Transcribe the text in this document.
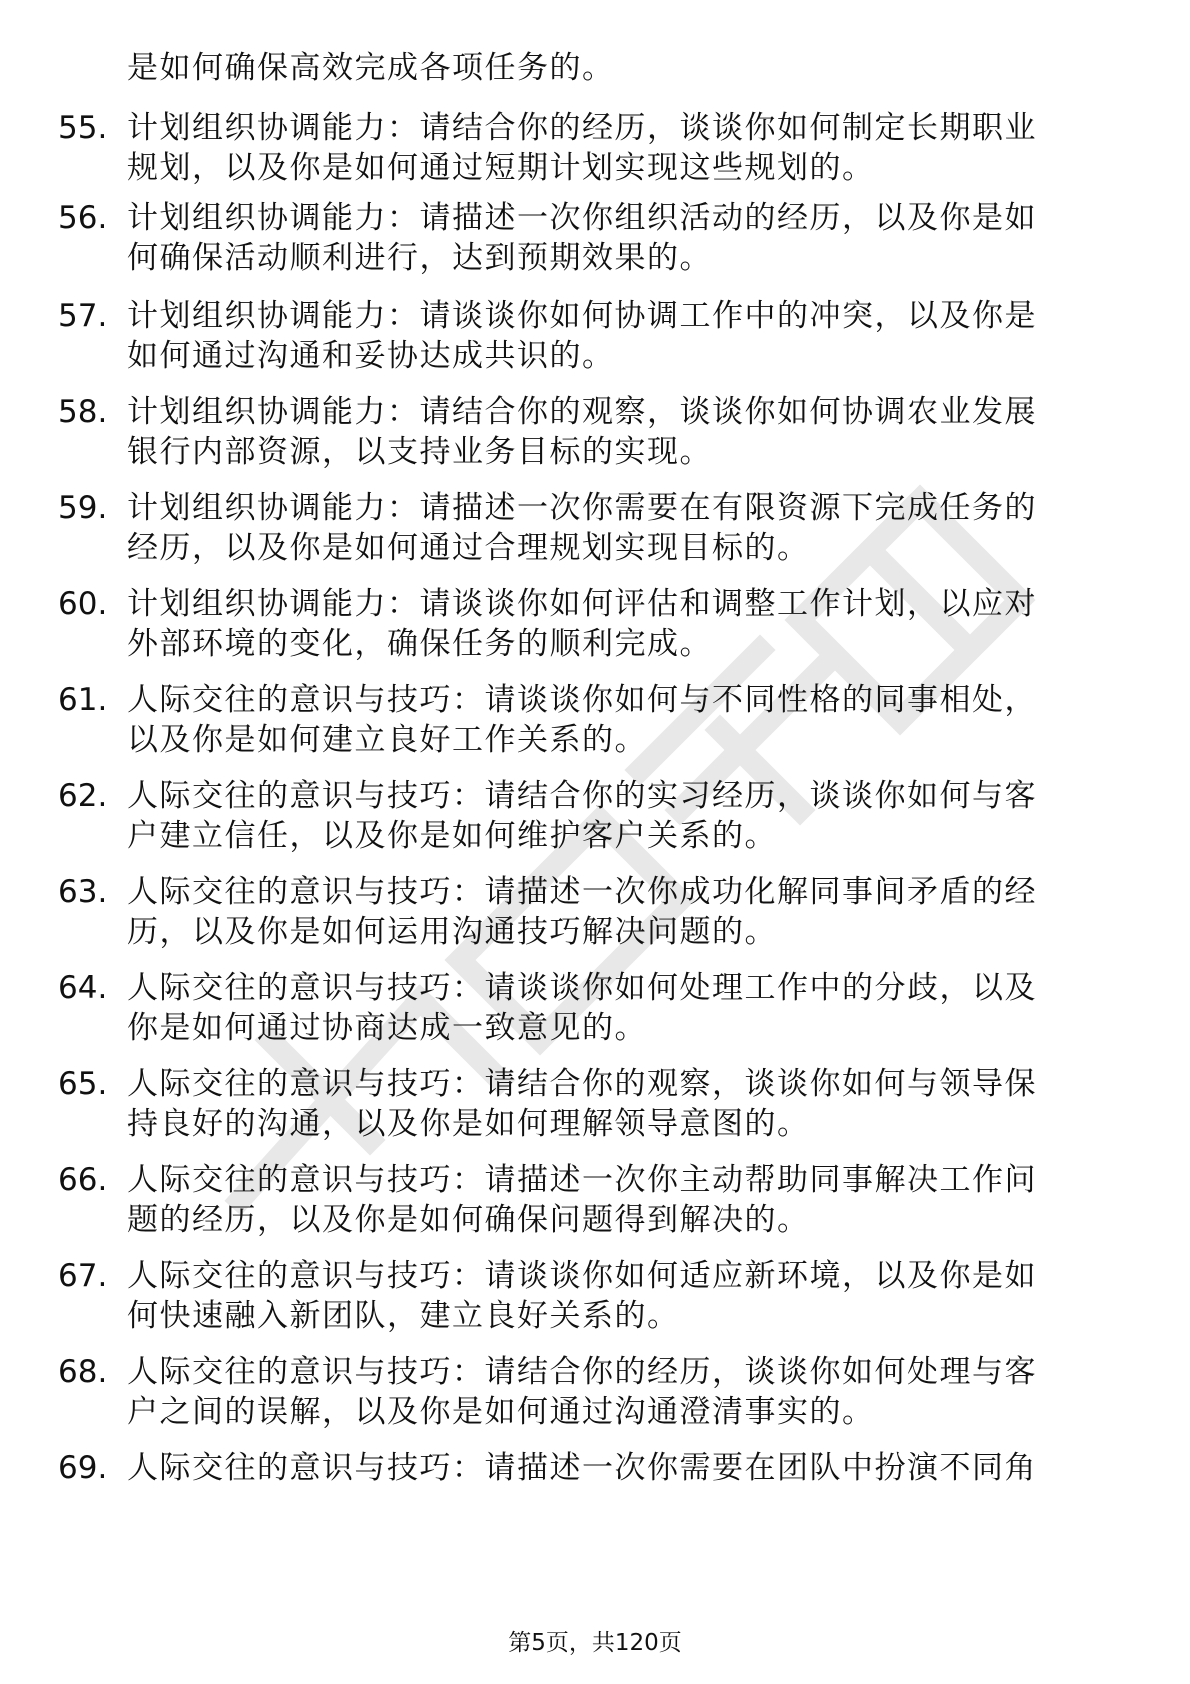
是如何确保高效完成各项任务的。
55. 计划组织协调能力：请结合你的经历，谈谈你如何制定长期职业
规划，以及你是如何通过短期计划实现这些规划的。
56. 计划组织协调能力：请描述一次你组织活动的经历，以及你是如
何确保活动顺利进行，达到预期效果的。
57. 计划组织协调能力：请谈谈你如何协调工作中的冲突，以及你是
如何通过沟通和妥协达成共识的。
58. 计划组织协调能力：请结合你的观察，谈谈你如何协调农业发展
银行内部资源，以支持业务目标的实现。
59. 计划组织协调能力：请描述一次你需要在有限资源下完成任务的
经历，以及你是如何通过合理规划实现目标的。
60. 计划组织协调能力：请谈谈你如何评估和调整工作计划，以应对
外部环境的变化，确保任务的顺利完成。
61. 人际交往的意识与技巧：请谈谈你如何与不同性格的同事相处，
以及你是如何建立良好工作关系的。
62. 人际交往的意识与技巧：请结合你的实习经历，谈谈你如何与客
户建立信任，以及你是如何维护客户关系的。
63. 人际交往的意识与技巧：请描述一次你成功化解同事间矛盾的经
历，以及你是如何运用沟通技巧解决问题的。
64. 人际交往的意识与技巧：请谈谈你如何处理工作中的分歧，以及
你是如何通过协商达成一致意见的。
65. 人际交往的意识与技巧：请结合你的观察，谈谈你如何与领导保
持良好的沟通，以及你是如何理解领导意图的。
66. 人际交往的意识与技巧：请描述一次你主动帮助同事解决工作问
题的经历，以及你是如何确保问题得到解决的。
67. 人际交往的意识与技巧：请谈谈你如何适应新环境，以及你是如
何快速融入新团队，建立良好关系的。
68. 人际交往的意识与技巧：请结合你的经历，谈谈你如何处理与客
户之间的误解，以及你是如何通过沟通澄清事实的。
69. 人际交往的意识与技巧：请描述一次你需要在团队中扮演不同角
第5页，共120页
